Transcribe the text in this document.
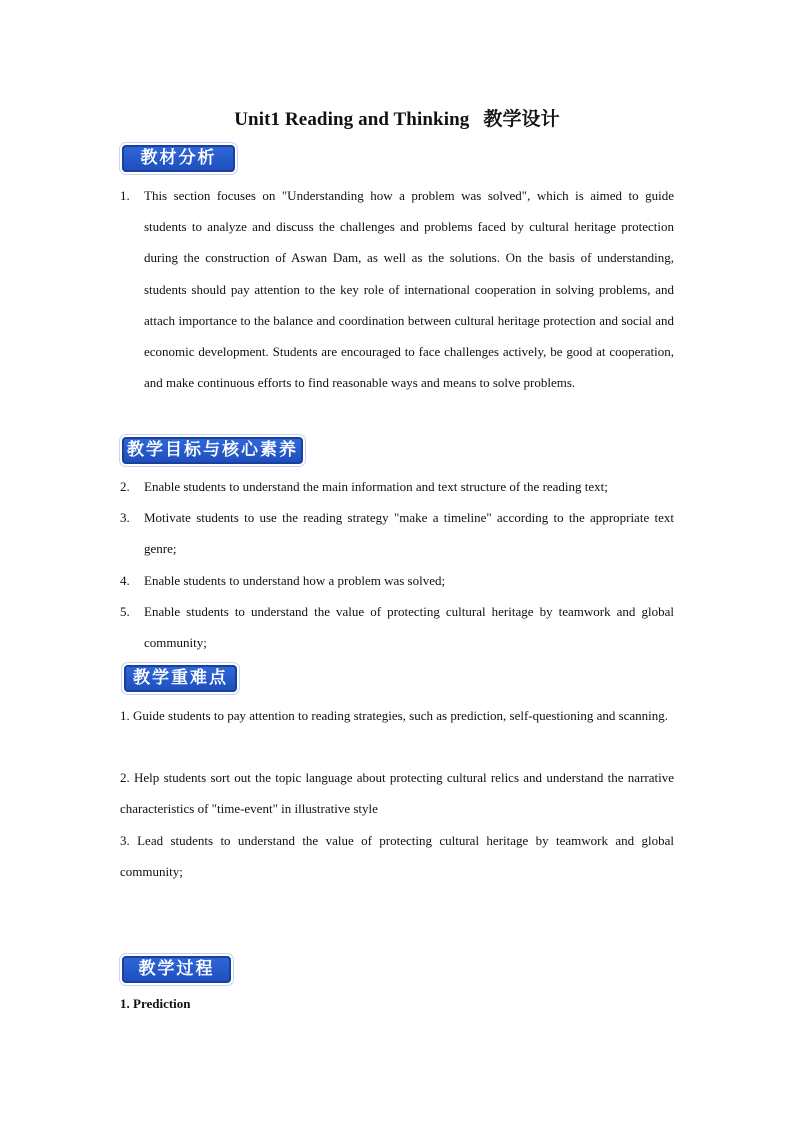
Unit1 Reading and Thinking 教学设计
教材分析
1. This section focuses on "Understanding how a problem was solved", which is aimed to guide students to analyze and discuss the challenges and problems faced by cultural heritage protection during the construction of Aswan Dam, as well as the solutions. On the basis of understanding, students should pay attention to the key role of international cooperation in solving problems, and attach importance to the balance and coordination between cultural heritage protection and social and economic development. Students are encouraged to face challenges actively, be good at cooperation, and make continuous efforts to find reasonable ways and means to solve problems.
教学目标与核心素养
2. Enable students to understand the main information and text structure of the reading text;
3. Motivate students to use the reading strategy "make a timeline" according to the appropriate text genre;
4. Enable students to understand how a problem was solved;
5. Enable students to understand the value of protecting cultural heritage by teamwork and global community;
教学重难点
1. Guide students to pay attention to reading strategies, such as prediction, self-questioning and scanning.
2. Help students sort out the topic language about protecting cultural relics and understand the narrative characteristics of "time-event" in illustrative style
3. Lead students to understand the value of protecting cultural heritage by teamwork and global community;
教学过程
1. Prediction
